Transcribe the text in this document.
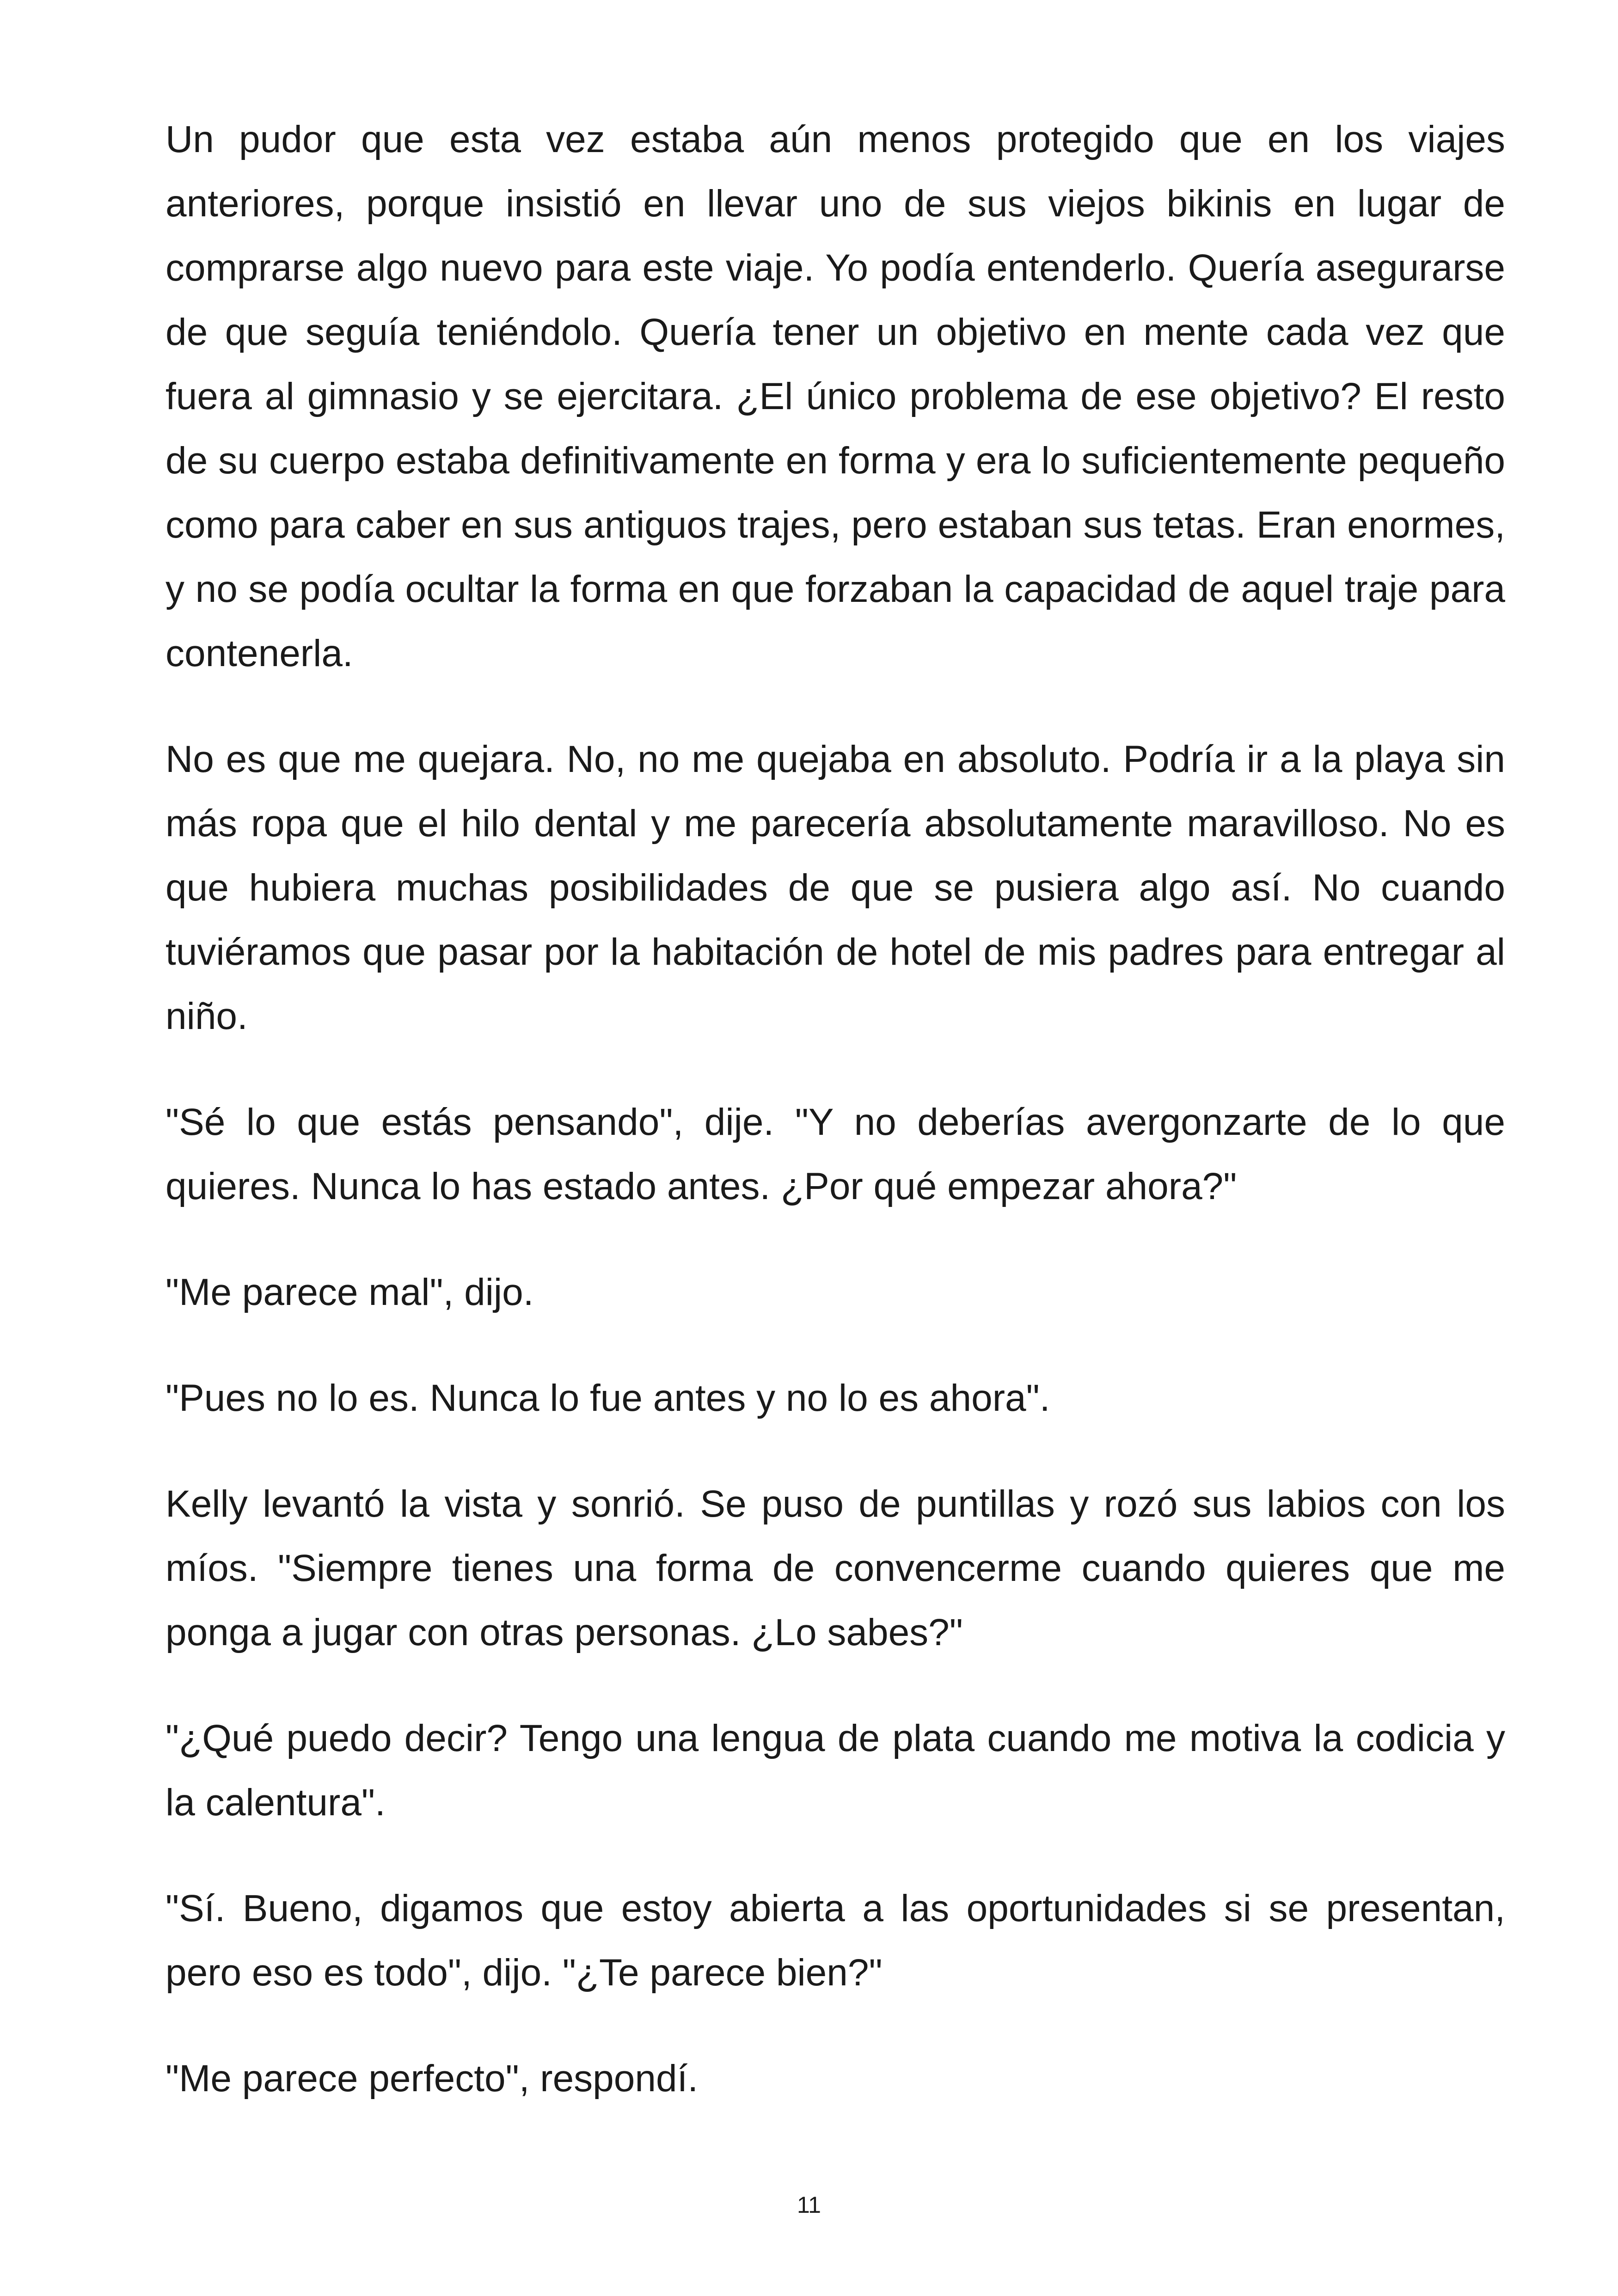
Un pudor que esta vez estaba aún menos protegido que en los viajes anteriores, porque insistió en llevar uno de sus viejos bikinis en lugar de comprarse algo nuevo para este viaje. Yo podía entenderlo. Quería asegurarse de que seguía teniéndolo. Quería tener un objetivo en mente cada vez que fuera al gimnasio y se ejercitara. ¿El único problema de ese objetivo? El resto de su cuerpo estaba definitivamente en forma y era lo suficientemente pequeño como para caber en sus antiguos trajes, pero estaban sus tetas. Eran enormes, y no se podía ocultar la forma en que forzaban la capacidad de aquel traje para contenerla.

No es que me quejara. No, no me quejaba en absoluto. Podría ir a la playa sin más ropa que el hilo dental y me parecería absolutamente maravilloso. No es que hubiera muchas posibilidades de que se pusiera algo así. No cuando tuviéramos que pasar por la habitación de hotel de mis padres para entregar al niño.

"Sé lo que estás pensando", dije. "Y no deberías avergonzarte de lo que quieres. Nunca lo has estado antes. ¿Por qué empezar ahora?"

"Me parece mal", dijo.

"Pues no lo es. Nunca lo fue antes y no lo es ahora".

Kelly levantó la vista y sonrió. Se puso de puntillas y rozó sus labios con los míos. "Siempre tienes una forma de convencerme cuando quieres que me ponga a jugar con otras personas. ¿Lo sabes?"

"¿Qué puedo decir? Tengo una lengua de plata cuando me motiva la codicia y la calentura".

"Sí. Bueno, digamos que estoy abierta a las oportunidades si se presentan, pero eso es todo", dijo. "¿Te parece bien?"

"Me parece perfecto", respondí.

11
